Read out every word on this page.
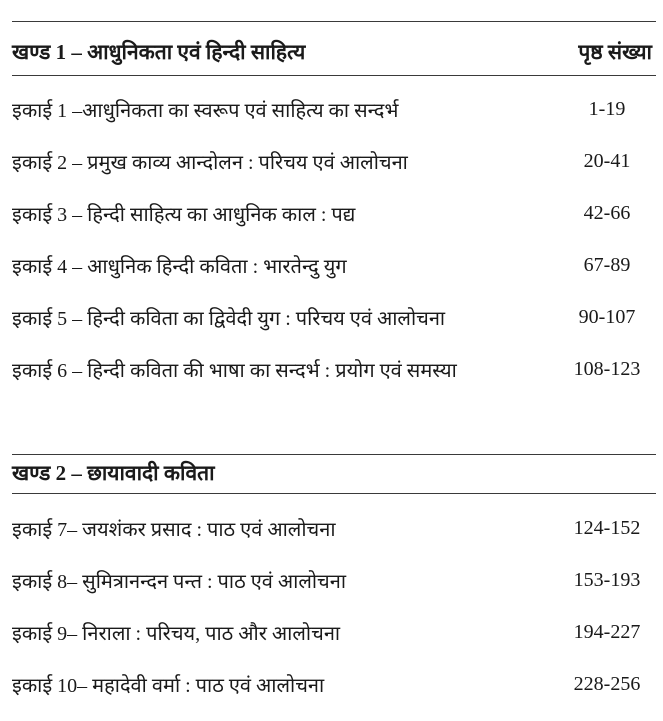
खण्ड 1 – आधुनिकता एवं हिन्दी साहित्य	पृष्ठ संख्या
इकाई 1 –आधुनिकता का स्वरूप एवं साहित्य का सन्दर्भ	1-19
इकाई 2 – प्रमुख काव्य आन्दोलन : परिचय एवं आलोचना	20-41
इकाई 3 – हिन्दी साहित्य का आधुनिक काल : पद्य	42-66
इकाई 4 – आधुनिक हिन्दी कविता : भारतेन्दु युग	67-89
इकाई 5 – हिन्दी कविता का द्विवेदी युग : परिचय एवं आलोचना	90-107
इकाई 6 – हिन्दी कविता की भाषा का सन्दर्भ : प्रयोग एवं समस्या	108-123
खण्ड 2 – छायावादी कविता
इकाई 7– जयशंकर प्रसाद : पाठ एवं आलोचना	124-152
इकाई 8– सुमित्रानन्दन पन्त : पाठ एवं आलोचना	153-193
इकाई 9– निराला : परिचय, पाठ और आलोचना	194-227
इकाई 10– महादेवी वर्मा : पाठ एवं आलोचना	228-256
